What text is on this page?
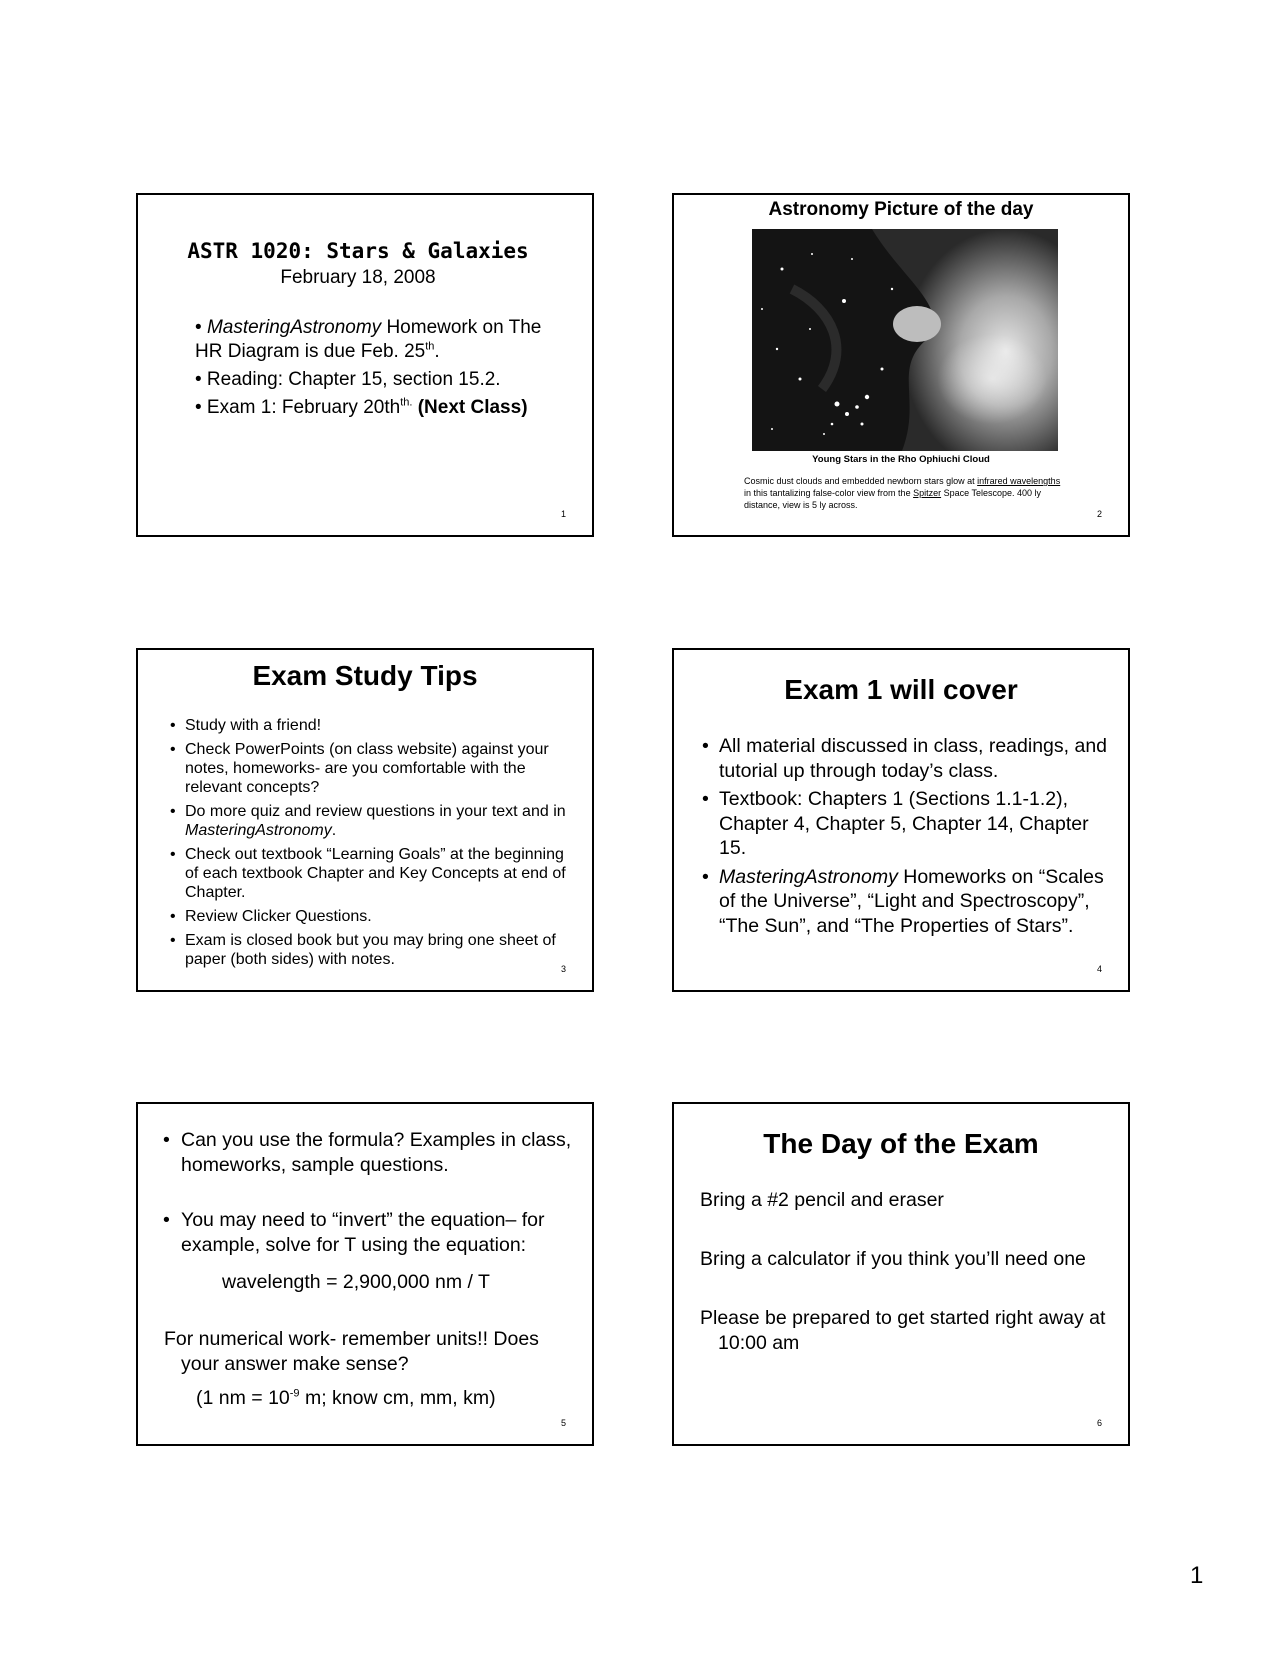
ASTR 1020: Stars & Galaxies
February 18, 2008
• MasteringAstronomy Homework on The HR Diagram is due Feb. 25th.
• Reading: Chapter 15, section 15.2.
• Exam 1: February $20th^{th.}$ (Next Class)
1
Astronomy Picture of the day
Young Stars in the Rho Ophiuchi Cloud
Cosmic dust clouds and embedded newborn stars glow at infrared wavelengths in this tantalizing false-color view from the Spitzer Space Telescope. 400 ly distance, view is 5 ly across.
2
Exam Study Tips
• Study with a friend!
• Check PowerPoints (on class website) against your notes, homeworks- are you comfortable with the relevant concepts?
• Do more quiz and review questions in your text and in MasteringAstronomy.
• Check out textbook “Learning Goals” at the beginning of each textbook Chapter and Key Concepts at end of Chapter.
• Review Clicker Questions.
• Exam is closed book but you may bring one sheet of paper (both sides) with notes.
3
Exam 1 will cover
• All material discussed in class, readings, and tutorial up through today’s class.
• Textbook: Chapters 1 (Sections 1.1-1.2), Chapter 4, Chapter 5, Chapter 14, Chapter 15.
• MasteringAstronomy Homeworks on “Scales of the Universe”, “Light and Spectroscopy”, “The Sun”, and “The Properties of Stars”.
4
• Can you use the formula? Examples in class, homeworks, sample questions.
• You may need to “invert” the equation– for example, solve for T using the equation:
wavelength = 2,900,000 nm / T
For numerical work- remember units!! Does your answer make sense?
(1 nm = $10^{-9}$ m; know cm, mm, km)
5
The Day of the Exam
Bring a #2 pencil and eraser
Bring a calculator if you think you’ll need one
Please be prepared to get started right away at 10:00 am
6
1
